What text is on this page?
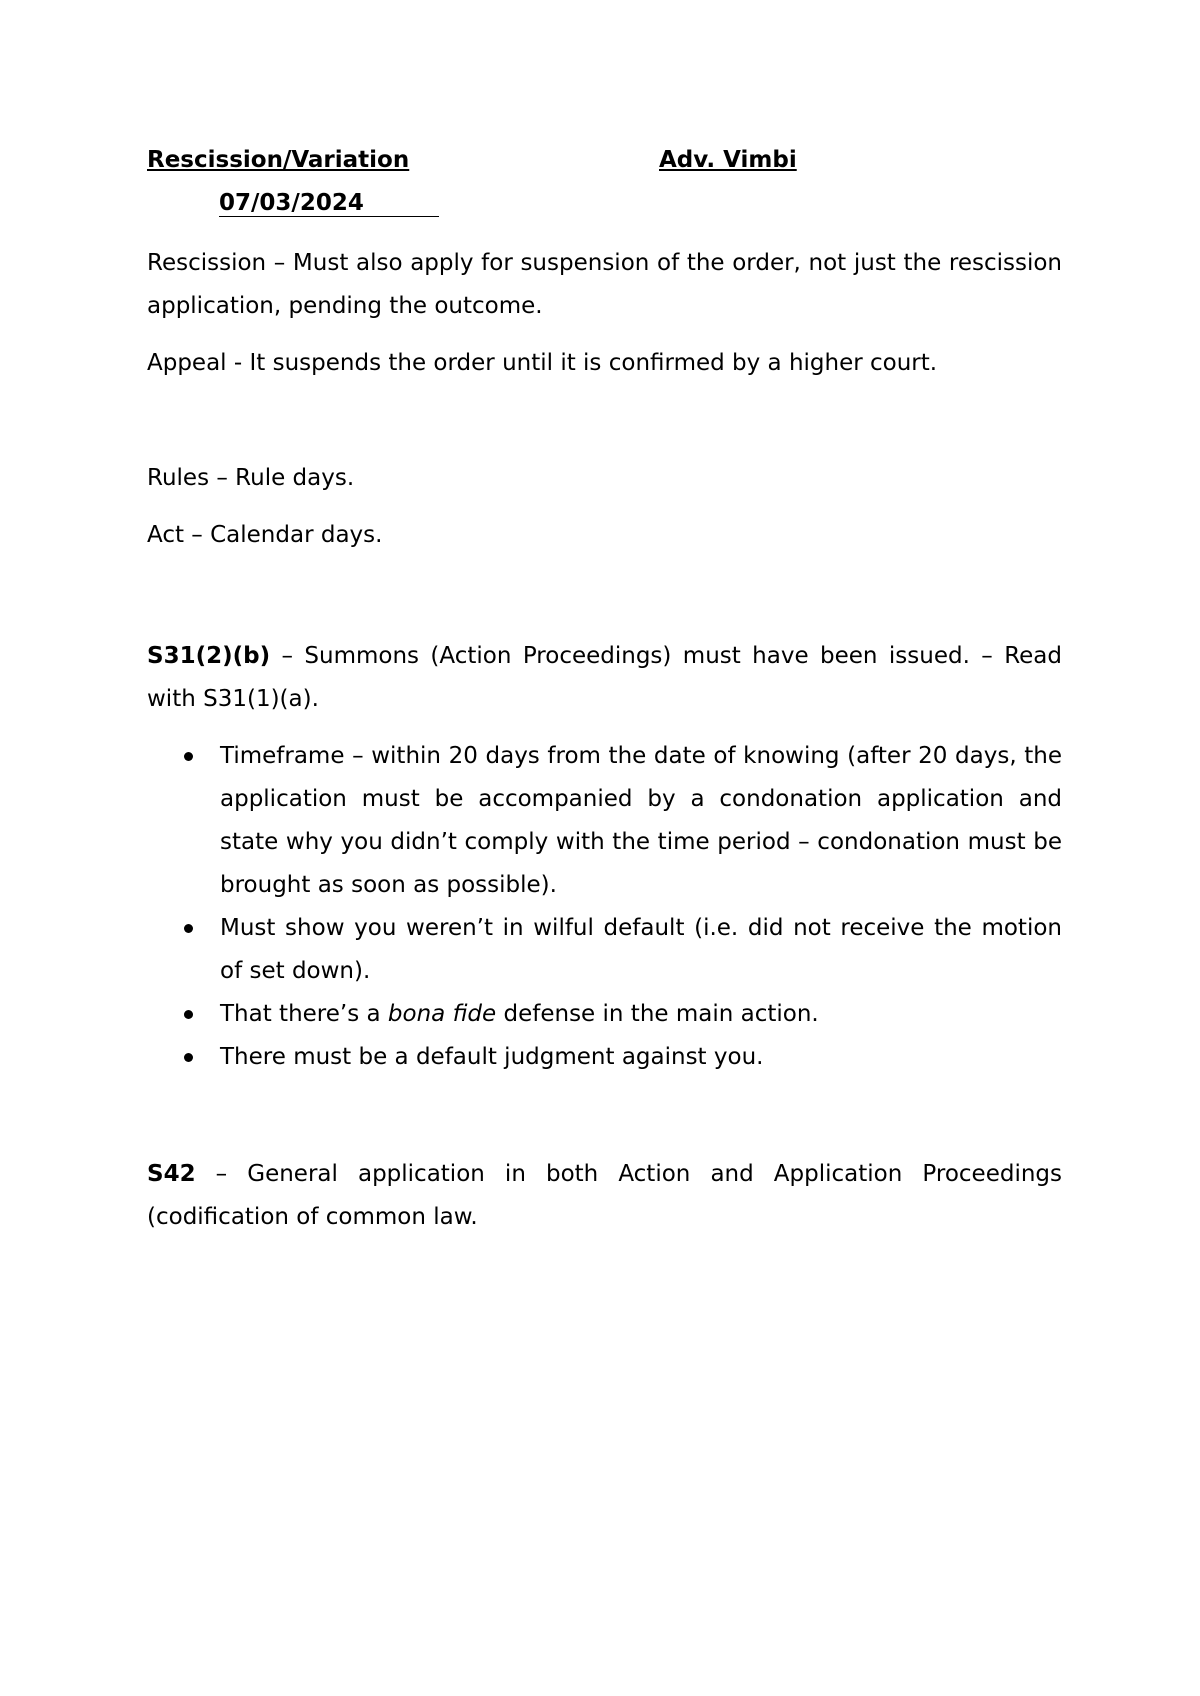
Rescission/Variation	Adv. Vimbi
07/03/2024
Rescission – Must also apply for suspension of the order, not just the rescission application, pending the outcome.
Appeal - It suspends the order until it is confirmed by a higher court.
Rules – Rule days.
Act – Calendar days.
S31(2)(b) – Summons (Action Proceedings) must have been issued. – Read with S31(1)(a).
Timeframe – within 20 days from the date of knowing (after 20 days, the application must be accompanied by a condonation application and state why you didn’t comply with the time period – condonation must be brought as soon as possible).
Must show you weren’t in wilful default (i.e. did not receive the motion of set down).
That there’s a bona fide defense in the main action.
There must be a default judgment against you.
S42 – General application in both Action and Application Proceedings (codification of common law.
